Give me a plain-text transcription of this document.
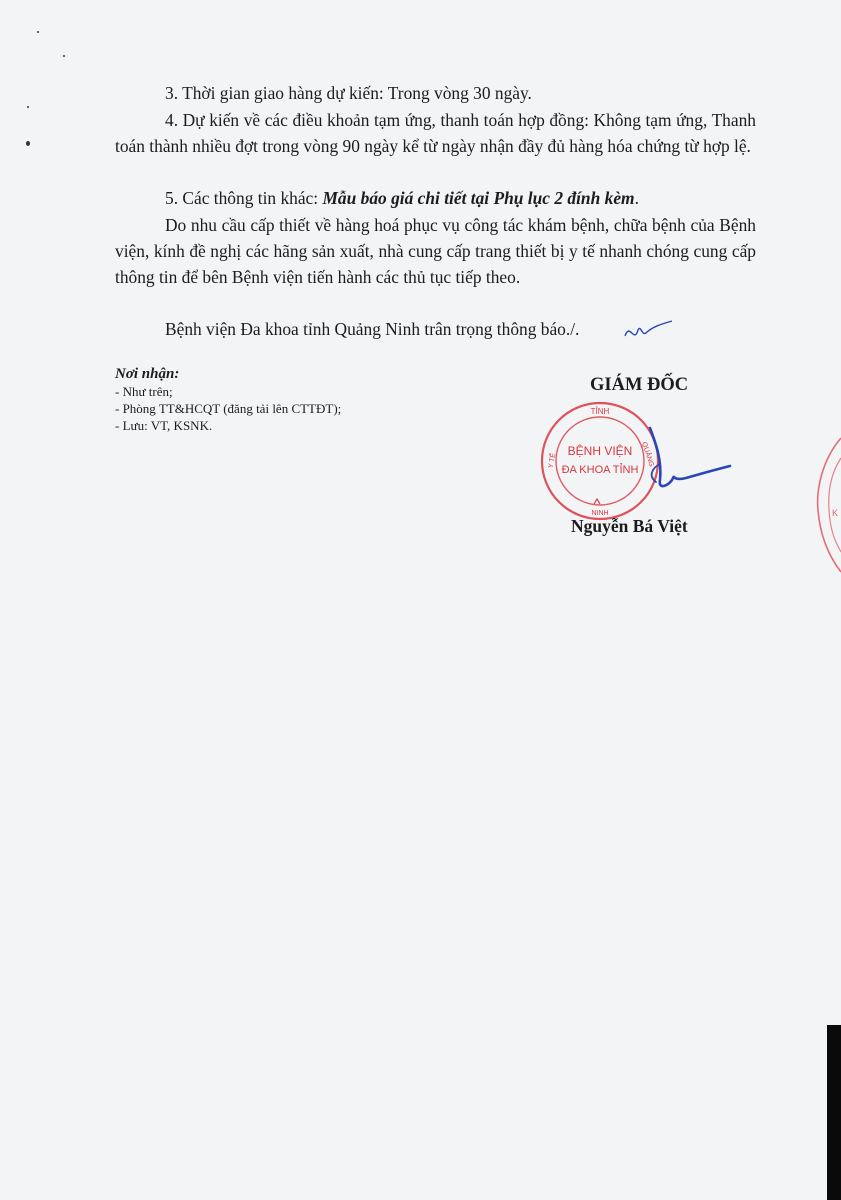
3. Thời gian giao hàng dự kiến: Trong vòng 30 ngày.

4. Dự kiến về các điều khoản tạm ứng, thanh toán hợp đồng: Không tạm ứng, Thanh toán thành nhiều đợt trong vòng 90 ngày kể từ ngày nhận đầy đủ hàng hóa chứng từ hợp lệ.

5. Các thông tin khác: Mẫu báo giá chi tiết tại Phụ lục 2 đính kèm.

Do nhu cầu cấp thiết về hàng hoá phục vụ công tác khám bệnh, chữa bệnh của Bệnh viện, kính đề nghị các hãng sản xuất, nhà cung cấp trang thiết bị y tế nhanh chóng cung cấp thông tin để bên Bệnh viện tiến hành các thủ tục tiếp theo.

Bệnh viện Đa khoa tỉnh Quảng Ninh trân trọng thông báo./.

Nơi nhận:

- Như trên;

- Phòng TT&HCQT (đăng tải lên CTTĐT);

- Lưu: VT, KSNK.

GIÁM ĐỐC

TỈNH
QUẢNG
NINH
Y TẾ
BỆNH VIỆN
ĐA KHOA TỈNH

Nguyễn Bá Việt

K
